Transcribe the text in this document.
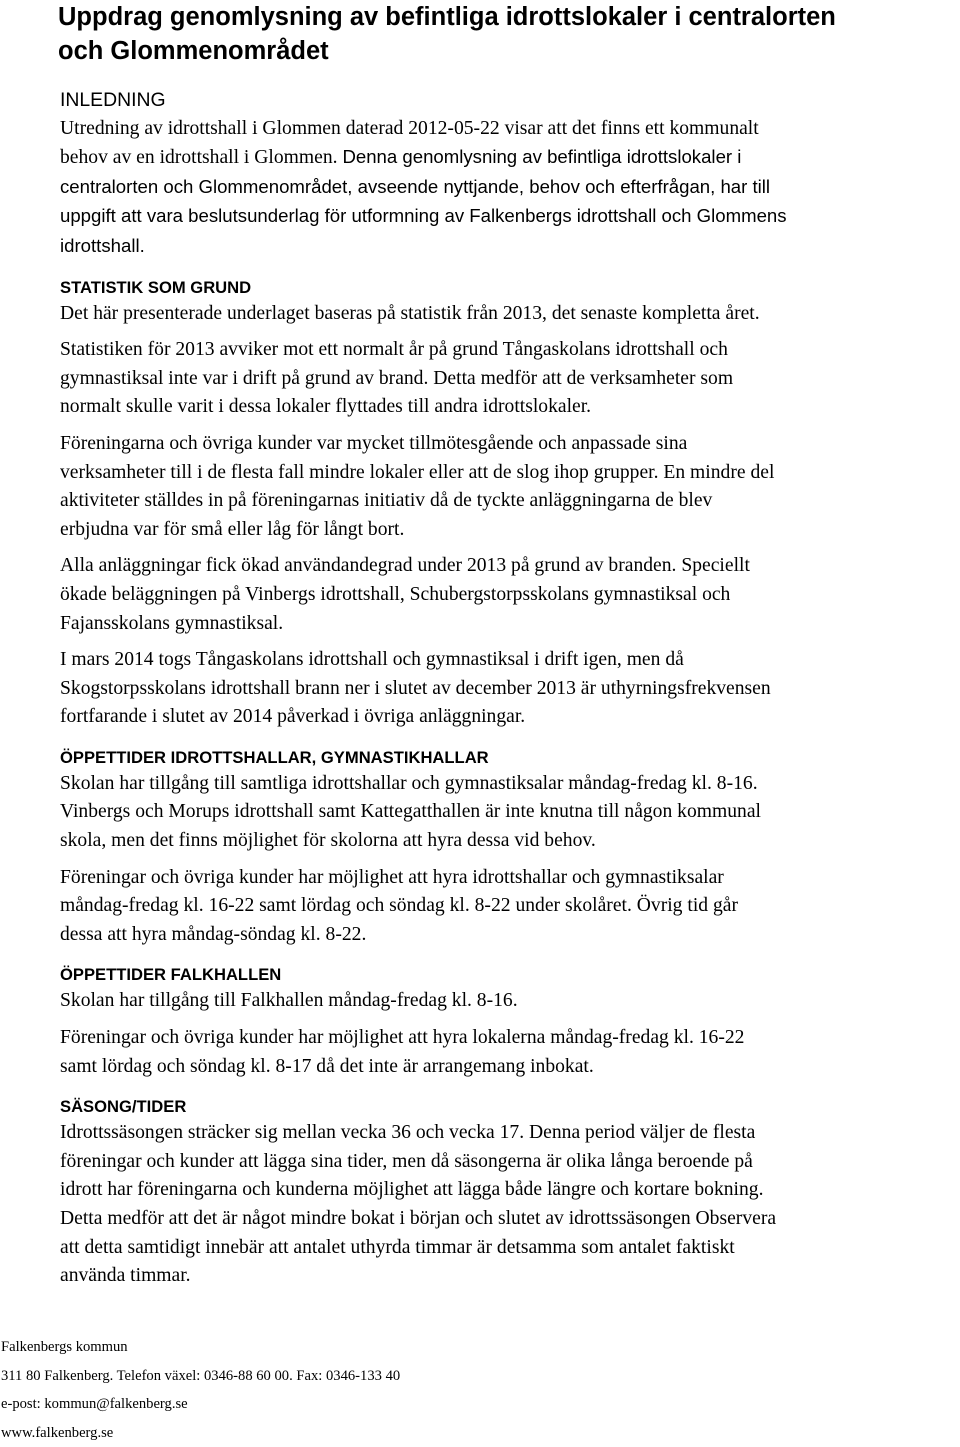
Uppdrag genomlysning av befintliga idrottslokaler i centralorten
och Glommenområdet
INLEDNING

Utredning av idrottshall i Glommen daterad 2012-05-22 visar att det finns ett kommunalt
behov av en idrottshall i Glommen. Denna genomlysning av befintliga idrottslokaler i
centralorten och Glommenområdet, avseende nyttjande, behov och efterfrågan, har till
uppgift att vara beslutsunderlag för utformning av Falkenbergs idrottshall och Glommens
idrottshall.

STATISTIK SOM GRUND

Det här presenterade underlaget baseras på statistik från 2013, det senaste kompletta året.

Statistiken för 2013 avviker mot ett normalt år på grund Tångaskolans idrottshall och
gymnastiksal inte var i drift på grund av brand. Detta medför att de verksamheter som
normalt skulle varit i dessa lokaler flyttades till andra idrottslokaler.

Föreningarna och övriga kunder var mycket tillmötesgående och anpassade sina
verksamheter till i de flesta fall mindre lokaler eller att de slog ihop grupper. En mindre del
aktiviteter ställdes in på föreningarnas initiativ då de tyckte anläggningarna de blev
erbjudna var för små eller låg för långt bort.

Alla anläggningar fick ökad användandegrad under 2013 på grund av branden. Speciellt
ökade beläggningen på Vinbergs idrottshall, Schubergstorpsskolans gymnastiksal och
Fajansskolans gymnastiksal.

I mars 2014 togs Tångaskolans idrottshall och gymnastiksal i drift igen, men då
Skogstorpsskolans idrottshall brann ner i slutet av december 2013 är uthyrningsfrekvensen
fortfarande i slutet av 2014 påverkad i övriga anläggningar.

ÖPPETTIDER IDROTTSHALLAR, GYMNASTIKHALLAR

Skolan har tillgång till samtliga idrottshallar och gymnastiksalar måndag-fredag kl. 8-16.
Vinbergs och Morups idrottshall samt Kattegatthallen är inte knutna till någon kommunal
skola, men det finns möjlighet för skolorna att hyra dessa vid behov.

Föreningar och övriga kunder har möjlighet att hyra idrottshallar och gymnastiksalar
måndag-fredag kl. 16-22 samt lördag och söndag kl. 8-22 under skolåret. Övrig tid går
dessa att hyra måndag-söndag kl. 8-22.

ÖPPETTIDER FALKHALLEN

Skolan har tillgång till Falkhallen måndag-fredag kl. 8-16.

Föreningar och övriga kunder har möjlighet att hyra lokalerna måndag-fredag kl. 16-22
samt lördag och söndag kl. 8-17 då det inte är arrangemang inbokat.

SÄSONG/TIDER

Idrottssäsongen sträcker sig mellan vecka 36 och vecka 17. Denna period väljer de flesta
föreningar och kunder att lägga sina tider, men då säsongerna är olika långa beroende på
idrott har föreningarna och kunderna möjlighet att lägga både längre och kortare bokning.
Detta medför att det är något mindre bokat i början och slutet av idrottssäsongen Observera
att detta samtidigt innebär att antalet uthyrda timmar är detsamma som antalet faktiskt
använda timmar.

Falkenbergs kommun
311 80 Falkenberg. Telefon växel: 0346-88 60 00. Fax: 0346-133 40
e-post: kommun@falkenberg.se
www.falkenberg.se
